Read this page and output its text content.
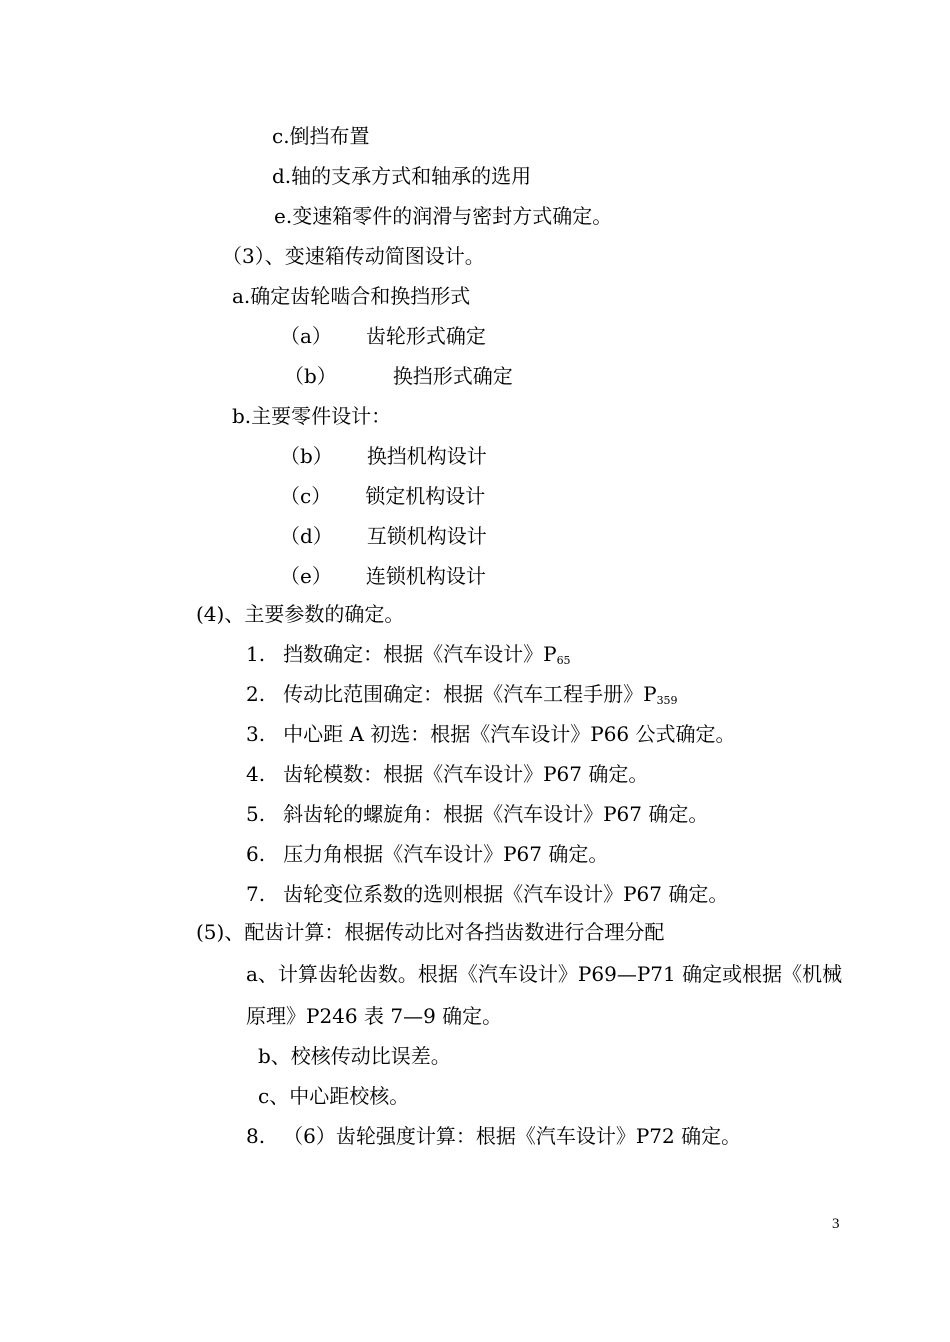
c.倒挡布置
d.轴的支承方式和轴承的选用
e.变速箱零件的润滑与密封方式确定。
（3）、变速箱传动简图设计。
a.确定齿轮啮合和换挡形式
（a） 齿轮形式确定
（b）	换挡形式确定
b.主要零件设计：
（b） 换挡机构设计
（c） 锁定机构设计
（d） 互锁机构设计
（e） 连锁机构设计
(4)、主要参数的确定。
1. 挡数确定：根据《汽车设计》$P_{65}$
2. 传动比范围确定：根据《汽车工程手册》$P_{359}$
3. 中心距 A 初选：根据《汽车设计》P66 公式确定。
4. 齿轮模数：根据《汽车设计》P67 确定。
5. 斜齿轮的螺旋角：根据《汽车设计》P67 确定。
6. 压力角根据《汽车设计》P67 确定。
7. 齿轮变位系数的选则根据《汽车设计》P67 确定。
(5)、配齿计算：根据传动比对各挡齿数进行合理分配
a、计算齿轮齿数。根据《汽车设计》P69—P71 确定或根据《机械
原理》P246 表 7—9 确定。
b、校核传动比误差。
c、中心距校核。
8. （6）齿轮强度计算：根据《汽车设计》P72 确定。
3
